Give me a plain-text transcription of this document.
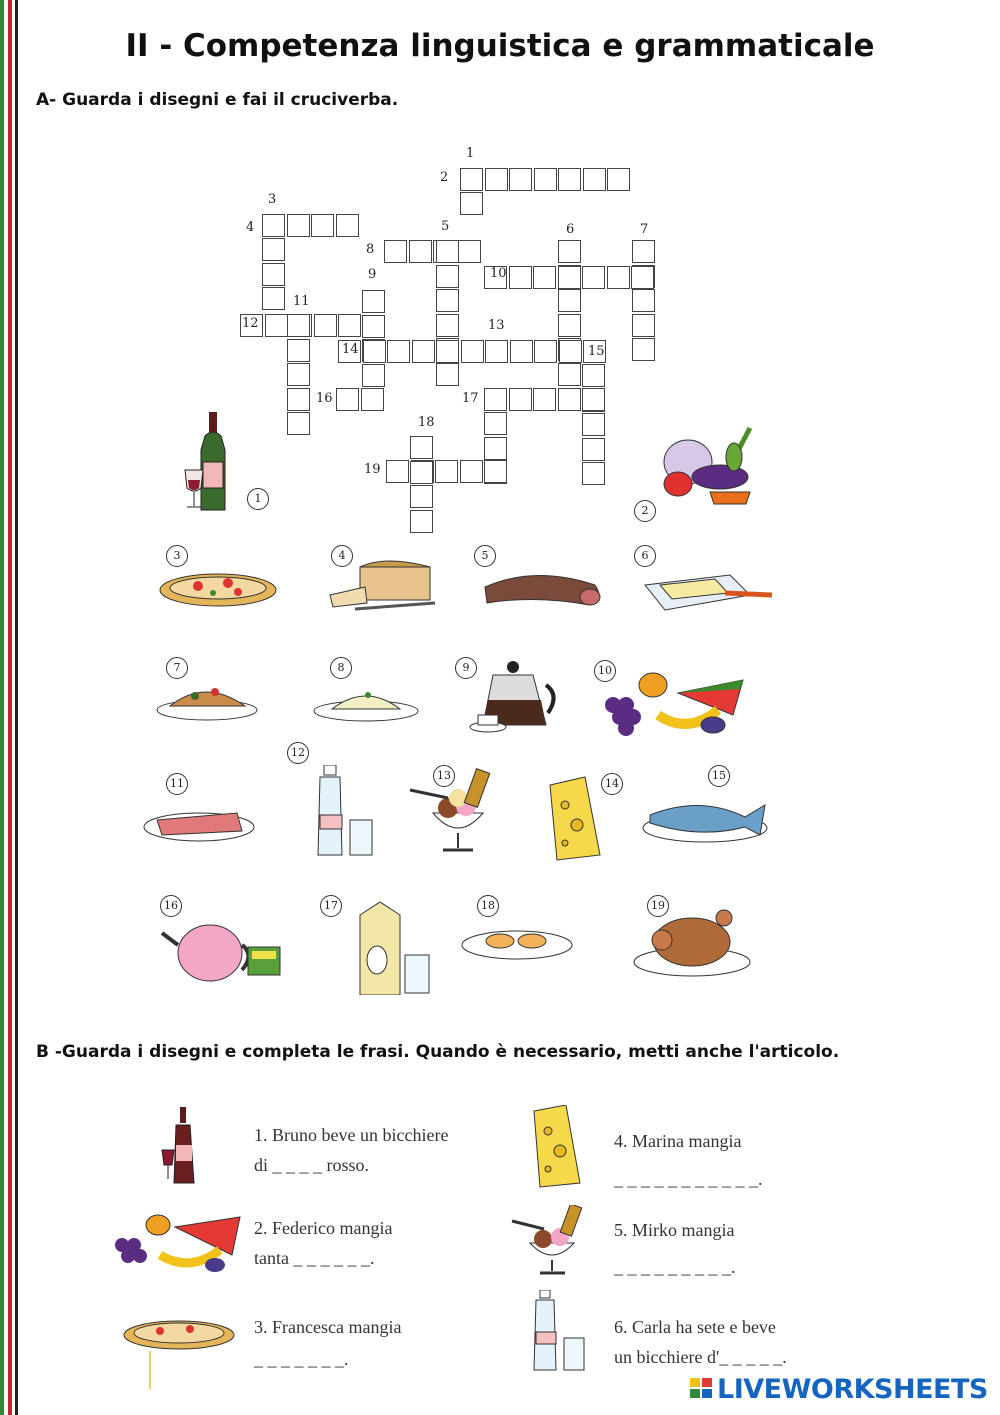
II - Competenza linguistica e grammaticale
A- Guarda i disegni e fai il cruciverba.
1
2
3
4	5	6	7
8
9	10
11
12	13
14	15
16	17
18
19
1
2
3	4	5	6
7	8	9	10
11
12
13
14
15
16	17	18	19
B -Guarda i disegni e completa le frasi. Quando è necessario, metti anche l'articolo.
1. Bruno beve un bicchiere
di _ _ _ _ rosso.
2. Federico mangia
tanta _ _ _ _ _ _.
3. Francesca mangia
_ _ _ _ _ _ _.
4. Marina mangia
_ _ _ _ _ _ _ _ _ _ _.
5. Mirko mangia
_ _ _ _ _ _ _ _ _.
6. Carla ha sete e beve
un bicchiere d'_ _ _ _ _.
LIVEWORKSHEETS
